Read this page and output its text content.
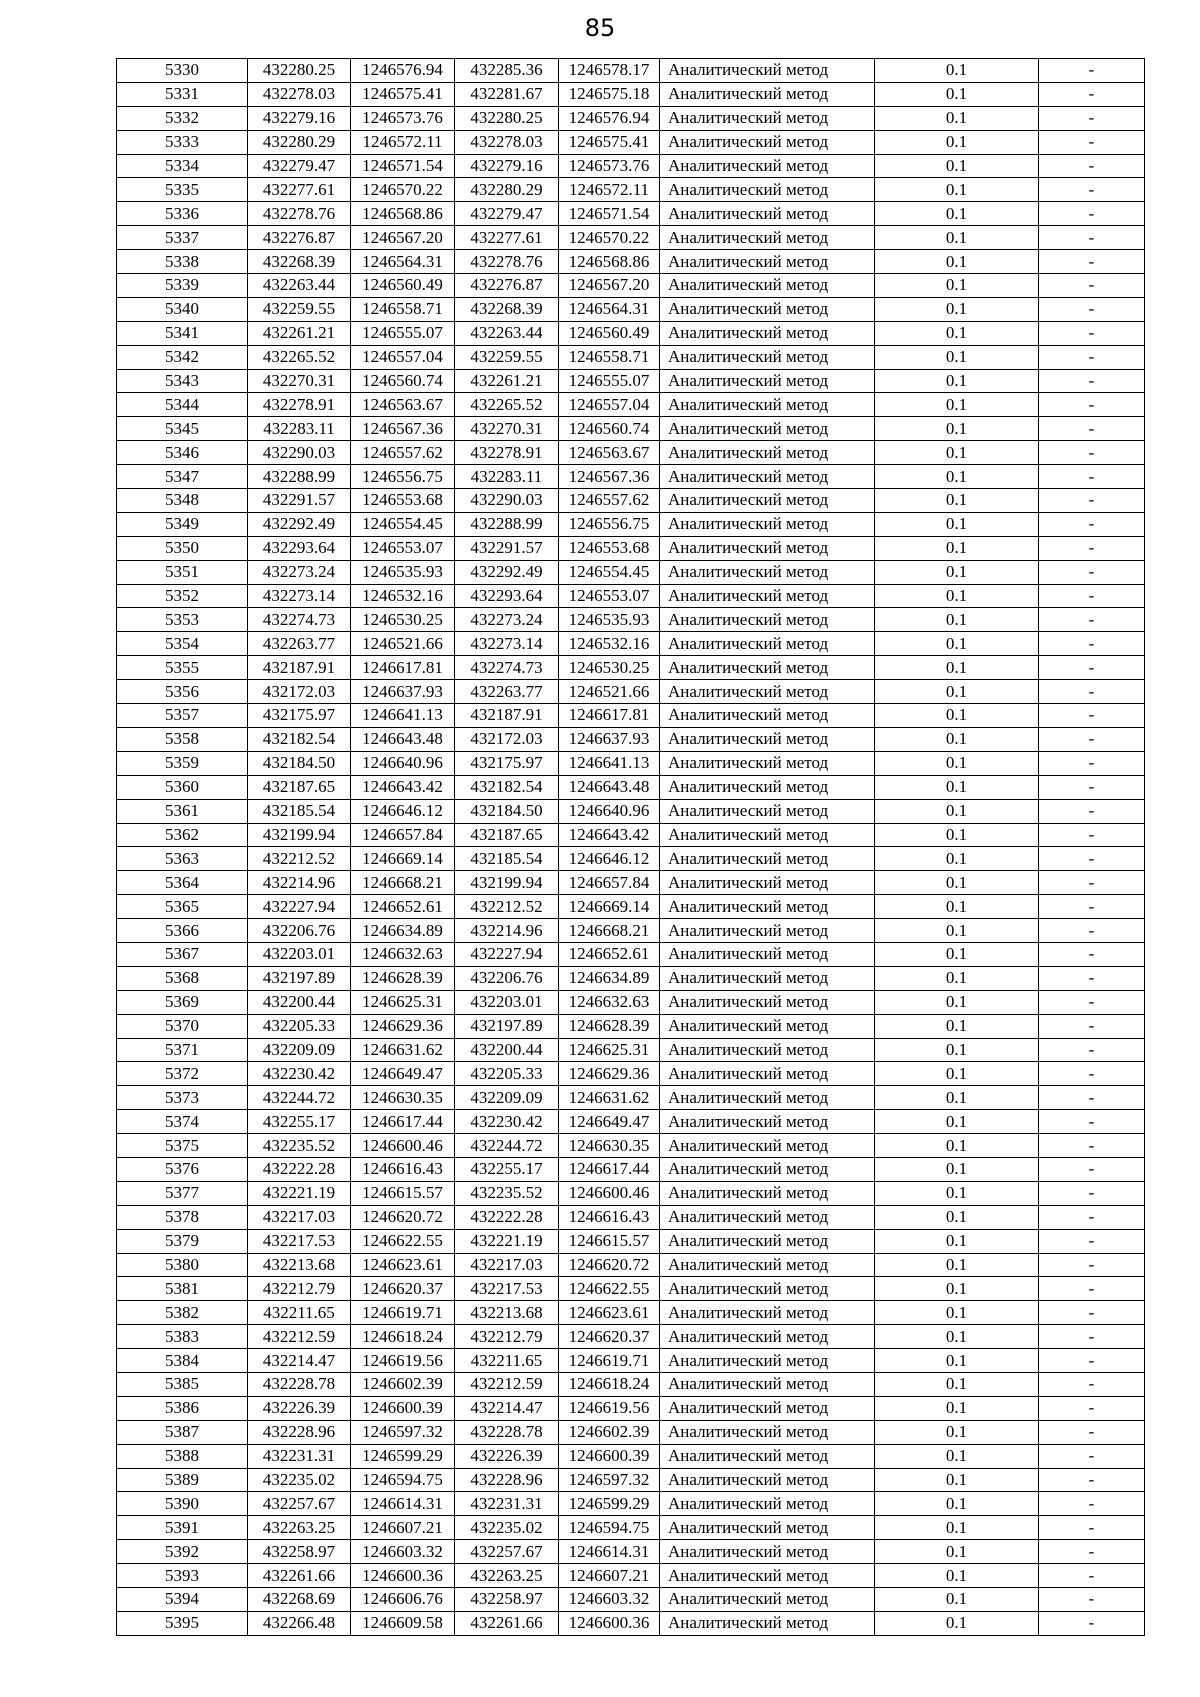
85
5330	432280.25	1246576.94	432285.36	1246578.17	Аналитический метод	0.1	-
5331	432278.03	1246575.41	432281.67	1246575.18	Аналитический метод	0.1	-
5332	432279.16	1246573.76	432280.25	1246576.94	Аналитический метод	0.1	-
5333	432280.29	1246572.11	432278.03	1246575.41	Аналитический метод	0.1	-
5334	432279.47	1246571.54	432279.16	1246573.76	Аналитический метод	0.1	-
5335	432277.61	1246570.22	432280.29	1246572.11	Аналитический метод	0.1	-
5336	432278.76	1246568.86	432279.47	1246571.54	Аналитический метод	0.1	-
5337	432276.87	1246567.20	432277.61	1246570.22	Аналитический метод	0.1	-
5338	432268.39	1246564.31	432278.76	1246568.86	Аналитический метод	0.1	-
5339	432263.44	1246560.49	432276.87	1246567.20	Аналитический метод	0.1	-
5340	432259.55	1246558.71	432268.39	1246564.31	Аналитический метод	0.1	-
5341	432261.21	1246555.07	432263.44	1246560.49	Аналитический метод	0.1	-
5342	432265.52	1246557.04	432259.55	1246558.71	Аналитический метод	0.1	-
5343	432270.31	1246560.74	432261.21	1246555.07	Аналитический метод	0.1	-
5344	432278.91	1246563.67	432265.52	1246557.04	Аналитический метод	0.1	-
5345	432283.11	1246567.36	432270.31	1246560.74	Аналитический метод	0.1	-
5346	432290.03	1246557.62	432278.91	1246563.67	Аналитический метод	0.1	-
5347	432288.99	1246556.75	432283.11	1246567.36	Аналитический метод	0.1	-
5348	432291.57	1246553.68	432290.03	1246557.62	Аналитический метод	0.1	-
5349	432292.49	1246554.45	432288.99	1246556.75	Аналитический метод	0.1	-
5350	432293.64	1246553.07	432291.57	1246553.68	Аналитический метод	0.1	-
5351	432273.24	1246535.93	432292.49	1246554.45	Аналитический метод	0.1	-
5352	432273.14	1246532.16	432293.64	1246553.07	Аналитический метод	0.1	-
5353	432274.73	1246530.25	432273.24	1246535.93	Аналитический метод	0.1	-
5354	432263.77	1246521.66	432273.14	1246532.16	Аналитический метод	0.1	-
5355	432187.91	1246617.81	432274.73	1246530.25	Аналитический метод	0.1	-
5356	432172.03	1246637.93	432263.77	1246521.66	Аналитический метод	0.1	-
5357	432175.97	1246641.13	432187.91	1246617.81	Аналитический метод	0.1	-
5358	432182.54	1246643.48	432172.03	1246637.93	Аналитический метод	0.1	-
5359	432184.50	1246640.96	432175.97	1246641.13	Аналитический метод	0.1	-
5360	432187.65	1246643.42	432182.54	1246643.48	Аналитический метод	0.1	-
5361	432185.54	1246646.12	432184.50	1246640.96	Аналитический метод	0.1	-
5362	432199.94	1246657.84	432187.65	1246643.42	Аналитический метод	0.1	-
5363	432212.52	1246669.14	432185.54	1246646.12	Аналитический метод	0.1	-
5364	432214.96	1246668.21	432199.94	1246657.84	Аналитический метод	0.1	-
5365	432227.94	1246652.61	432212.52	1246669.14	Аналитический метод	0.1	-
5366	432206.76	1246634.89	432214.96	1246668.21	Аналитический метод	0.1	-
5367	432203.01	1246632.63	432227.94	1246652.61	Аналитический метод	0.1	-
5368	432197.89	1246628.39	432206.76	1246634.89	Аналитический метод	0.1	-
5369	432200.44	1246625.31	432203.01	1246632.63	Аналитический метод	0.1	-
5370	432205.33	1246629.36	432197.89	1246628.39	Аналитический метод	0.1	-
5371	432209.09	1246631.62	432200.44	1246625.31	Аналитический метод	0.1	-
5372	432230.42	1246649.47	432205.33	1246629.36	Аналитический метод	0.1	-
5373	432244.72	1246630.35	432209.09	1246631.62	Аналитический метод	0.1	-
5374	432255.17	1246617.44	432230.42	1246649.47	Аналитический метод	0.1	-
5375	432235.52	1246600.46	432244.72	1246630.35	Аналитический метод	0.1	-
5376	432222.28	1246616.43	432255.17	1246617.44	Аналитический метод	0.1	-
5377	432221.19	1246615.57	432235.52	1246600.46	Аналитический метод	0.1	-
5378	432217.03	1246620.72	432222.28	1246616.43	Аналитический метод	0.1	-
5379	432217.53	1246622.55	432221.19	1246615.57	Аналитический метод	0.1	-
5380	432213.68	1246623.61	432217.03	1246620.72	Аналитический метод	0.1	-
5381	432212.79	1246620.37	432217.53	1246622.55	Аналитический метод	0.1	-
5382	432211.65	1246619.71	432213.68	1246623.61	Аналитический метод	0.1	-
5383	432212.59	1246618.24	432212.79	1246620.37	Аналитический метод	0.1	-
5384	432214.47	1246619.56	432211.65	1246619.71	Аналитический метод	0.1	-
5385	432228.78	1246602.39	432212.59	1246618.24	Аналитический метод	0.1	-
5386	432226.39	1246600.39	432214.47	1246619.56	Аналитический метод	0.1	-
5387	432228.96	1246597.32	432228.78	1246602.39	Аналитический метод	0.1	-
5388	432231.31	1246599.29	432226.39	1246600.39	Аналитический метод	0.1	-
5389	432235.02	1246594.75	432228.96	1246597.32	Аналитический метод	0.1	-
5390	432257.67	1246614.31	432231.31	1246599.29	Аналитический метод	0.1	-
5391	432263.25	1246607.21	432235.02	1246594.75	Аналитический метод	0.1	-
5392	432258.97	1246603.32	432257.67	1246614.31	Аналитический метод	0.1	-
5393	432261.66	1246600.36	432263.25	1246607.21	Аналитический метод	0.1	-
5394	432268.69	1246606.76	432258.97	1246603.32	Аналитический метод	0.1	-
5395	432266.48	1246609.58	432261.66	1246600.36	Аналитический метод	0.1	-
